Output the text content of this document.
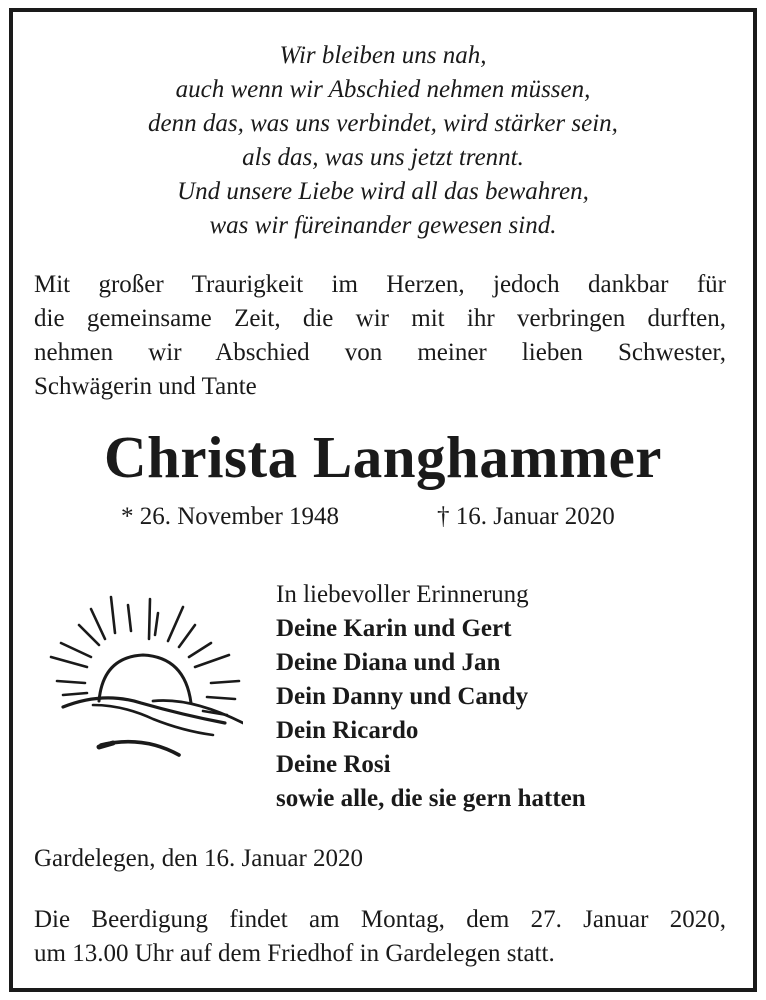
Wir bleiben uns nah,
auch wenn wir Abschied nehmen müssen,
denn das, was uns verbindet, wird stärker sein,
als das, was uns jetzt trennt.
Und unsere Liebe wird all das bewahren,
was wir füreinander gewesen sind.
Mit großer Traurigkeit im Herzen, jedoch dankbar für
die gemeinsame Zeit, die wir mit ihr verbringen durften,
nehmen wir Abschied von meiner lieben Schwester,
Schwägerin und Tante
Christa Langhammer
* 26. November 1948	† 16. Januar 2020
In liebevoller Erinnerung
Deine Karin und Gert
Deine Diana und Jan
Dein Danny und Candy
Dein Ricardo
Deine Rosi
sowie alle, die sie gern hatten
Gardelegen, den 16. Januar 2020
Die Beerdigung findet am Montag, dem 27. Januar 2020,
um 13.00 Uhr auf dem Friedhof in Gardelegen statt.
